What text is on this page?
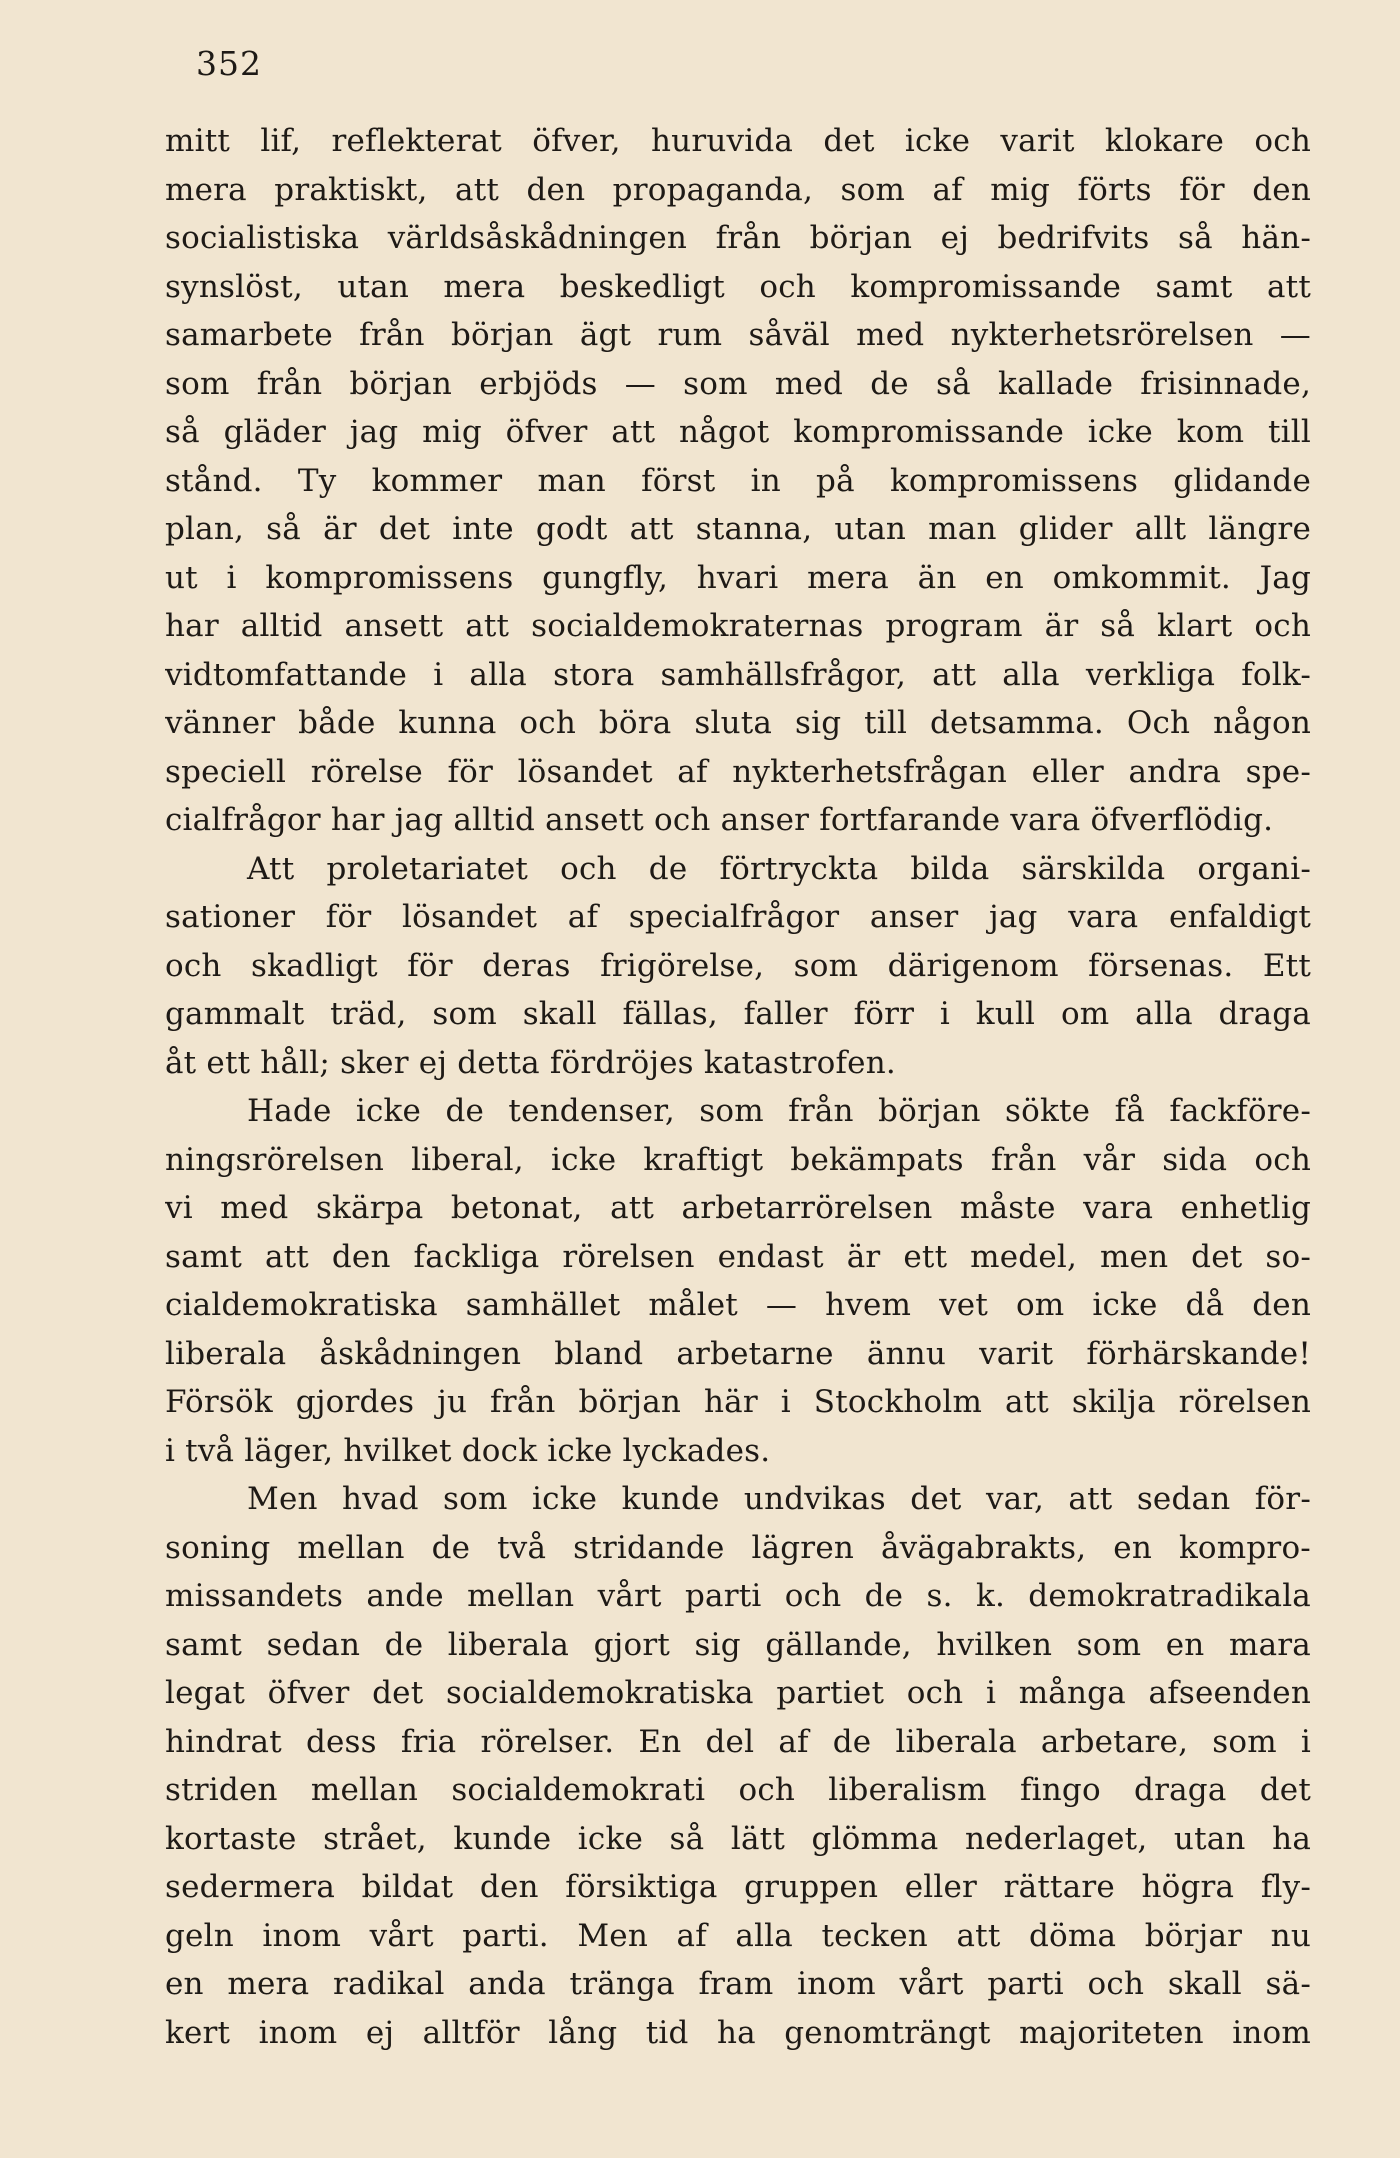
352
mitt lif, reflekterat öfver, huruvida det icke varit klokare och
mera praktiskt, att den propaganda, som af mig förts för den
socialistiska världsåskådningen från början ej bedrifvits så hän-
synslöst, utan mera beskedligt och kompromissande samt att
samarbete från början ägt rum såväl med nykterhetsrörelsen —
som från början erbjöds — som med de så kallade frisinnade,
så gläder jag mig öfver att något kompromissande icke kom till
stånd. Ty kommer man först in på kompromissens glidande
plan, så är det inte godt att stanna, utan man glider allt längre
ut i kompromissens gungfly, hvari mera än en omkommit. Jag
har alltid ansett att socialdemokraternas program är så klart och
vidtomfattande i alla stora samhällsfrågor, att alla verkliga folk-
vänner både kunna och böra sluta sig till detsamma. Och någon
speciell rörelse för lösandet af nykterhetsfrågan eller andra spe-
cialfrågor har jag alltid ansett och anser fortfarande vara öfverflödig.
Att proletariatet och de förtryckta bilda särskilda organi-
sationer för lösandet af specialfrågor anser jag vara enfaldigt
och skadligt för deras frigörelse, som därigenom försenas. Ett
gammalt träd, som skall fällas, faller förr i kull om alla draga
åt ett håll; sker ej detta fördröjes katastrofen.
Hade icke de tendenser, som från början sökte få fackföre-
ningsrörelsen liberal, icke kraftigt bekämpats från vår sida och
vi med skärpa betonat, att arbetarrörelsen måste vara enhetlig
samt att den fackliga rörelsen endast är ett medel, men det so-
cialdemokratiska samhället målet — hvem vet om icke då den
liberala åskådningen bland arbetarne ännu varit förhärskande!
Försök gjordes ju från början här i Stockholm att skilja rörelsen
i två läger, hvilket dock icke lyckades.
Men hvad som icke kunde undvikas det var, att sedan för-
soning mellan de två stridande lägren åvägabrakts, en kompro-
missandets ande mellan vårt parti och de s. k. demokratradikala
samt sedan de liberala gjort sig gällande, hvilken som en mara
legat öfver det socialdemokratiska partiet och i många afseenden
hindrat dess fria rörelser. En del af de liberala arbetare, som i
striden mellan socialdemokrati och liberalism fingo draga det
kortaste strået, kunde icke så lätt glömma nederlaget, utan ha
sedermera bildat den försiktiga gruppen eller rättare högra fly-
geln inom vårt parti. Men af alla tecken att döma börjar nu
en mera radikal anda tränga fram inom vårt parti och skall sä-
kert inom ej alltför lång tid ha genomträngt majoriteten inom
